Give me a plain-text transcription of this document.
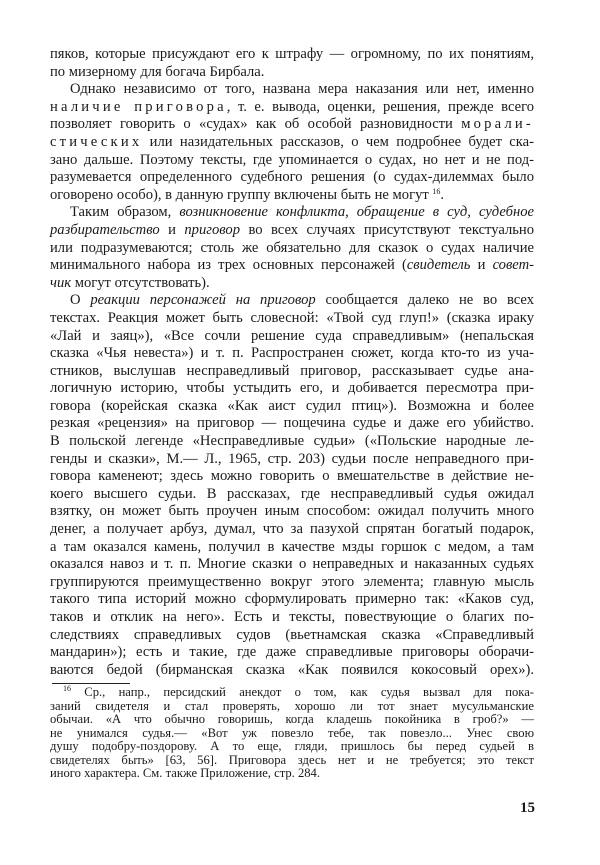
пяков, которые присуждают его к штрафу — огромному, по их понятиям,
по мизерному для богача Бирбала.
Однако независимо от того, названа мера наказания или нет, именно
наличие приговора, т. е. вывода, оценки, решения, прежде всего
позволяет говорить о «судах» как об особой разновидности морали-
стических или назидательных рассказов, о чем подробнее будет ска-
зано дальше. Поэтому тексты, где упоминается о судах, но нет и не под-
разумевается определенного судебного решения (о судах-дилеммах было
оговорено особо), в данную группу включены быть не могут $^{16}$.
Таким образом, возникновение конфликта, обращение в суд, судебное
разбирательство и приговор во всех случаях присутствуют текстуально
или подразумеваются; столь же обязательно для сказок о судах наличие
минимального набора из трех основных персонажей (свидетель и совет-
чик могут отсутствовать).
О реакции персонажей на приговор сообщается далеко не во всех
текстах. Реакция может быть словесной: «Твой суд глуп!» (сказка ираку
«Лай и заяц»), «Все сочли решение суда справедливым» (непальская
сказка «Чья невеста») и т. п. Распространен сюжет, когда кто-то из уча-
стников, выслушав несправедливый приговор, рассказывает судье ана-
логичную историю, чтобы устыдить его, и добивается пересмотра при-
говора (корейская сказка «Как аист судил птиц»). Возможна и более
резкая «рецензия» на приговор — пощечина судье и даже его убийство.
В польской легенде «Несправедливые судьи» («Польские народные ле-
генды и сказки», М.— Л., 1965, стр. 203) судьи после неправедного при-
говора каменеют; здесь можно говорить о вмешательстве в действие не-
коего высшего судьи. В рассказах, где несправедливый судья ожидал
взятку, он может быть проучен иным способом: ожидал получить много
денег, а получает арбуз, думал, что за пазухой спрятан богатый подарок,
а там оказался камень, получил в качестве мзды горшок с медом, а там
оказался навоз и т. п. Многие сказки о неправедных и наказанных судьях
группируются преимущественно вокруг этого элемента; главную мысль
такого типа историй можно сформулировать примерно так: «Каков суд,
таков и отклик на него». Есть и тексты, повествующие о благих по-
следствиях справедливых судов (вьетнамская сказка «Справедливый
мандарин»); есть и такие, где даже справедливые приговоры оборачи-
ваются бедой (бирманская сказка «Как появился кокосовый орех»).
$^{16}$ Ср., напр., персидский анекдот о том, как судья вызвал для пока-
заний свидетеля и стал проверять, хорошо ли тот знает мусульманские
обычаи. «А что обычно говоришь, когда кладешь покойника в гроб?» —
не унимался судья.— «Вот уж повезло тебе, так повезло... Унес свою
душу подобру-поздорову. А то еще, гляди, пришлось бы перед судьей в
свидетелях быть» [63, 56]. Приговора здесь нет и не требуется; это текст
иного характера. См. также Приложение, стр. 284.
15
